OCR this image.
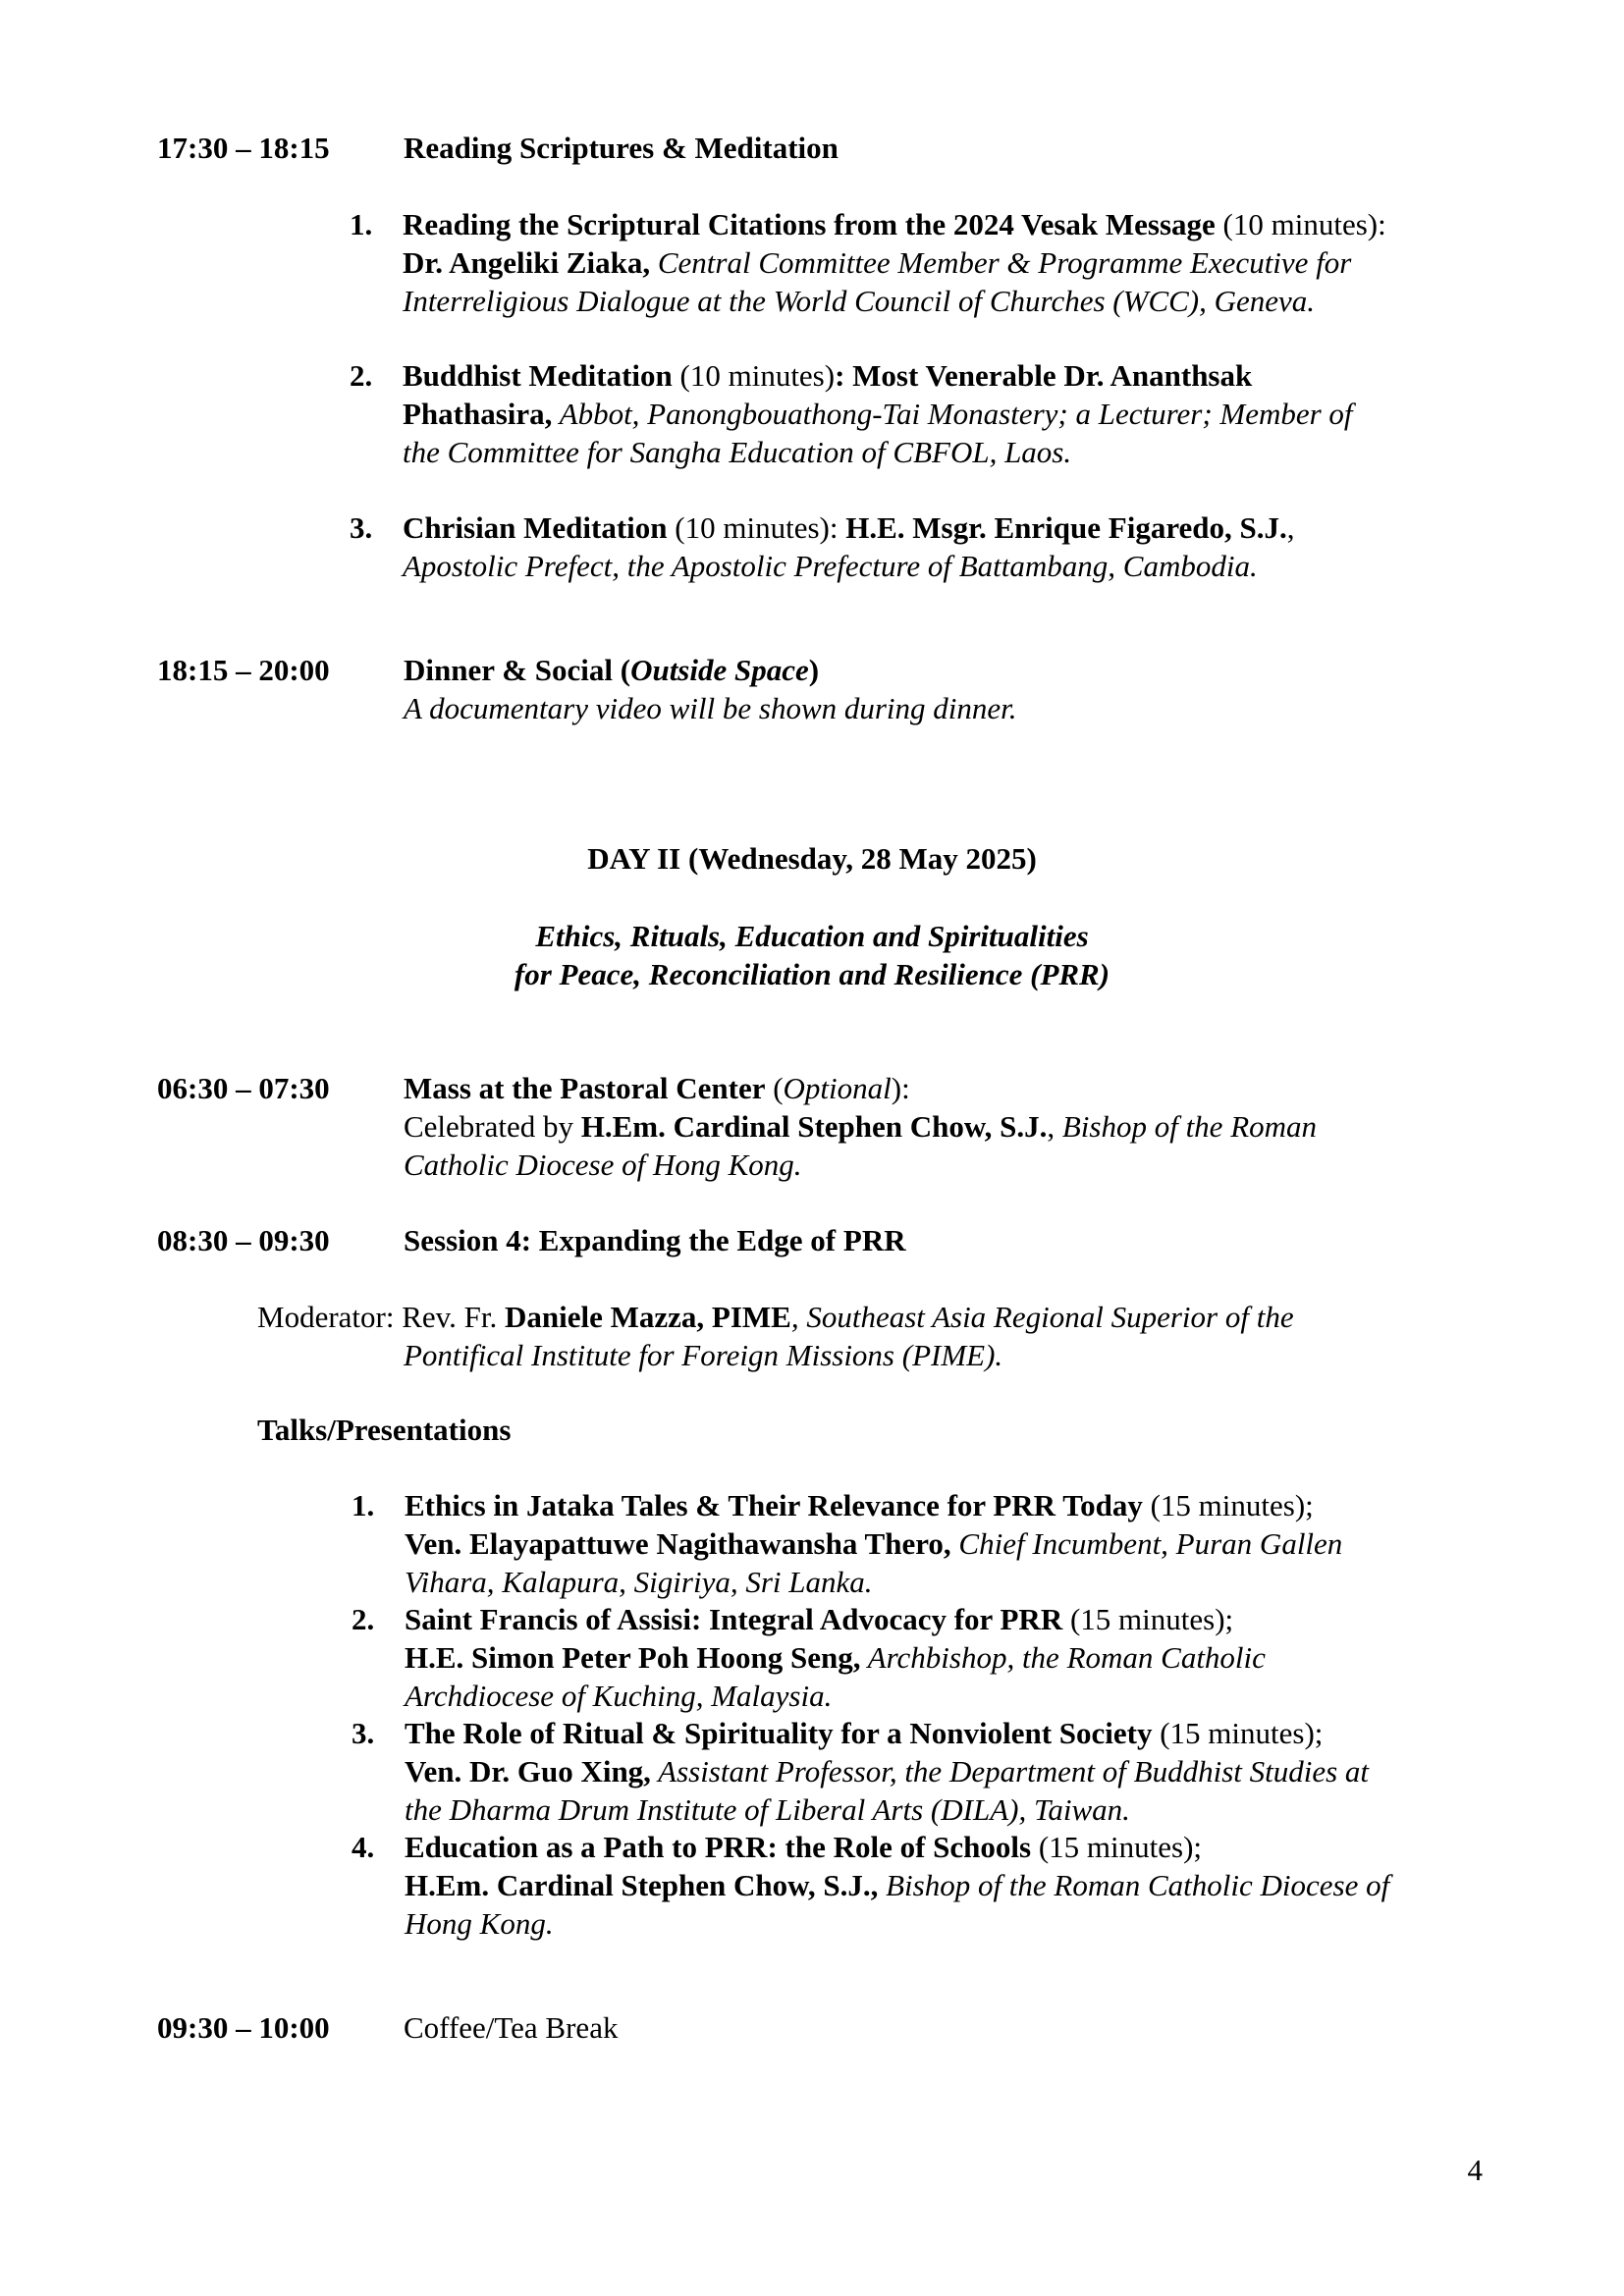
17:30 – 18:15 Reading Scriptures & Meditation
1. Reading the Scriptural Citations from the 2024 Vesak Message (10 minutes):
Dr. Angeliki Ziaka, Central Committee Member & Programme Executive for
Interreligious Dialogue at the World Council of Churches (WCC), Geneva.
2. Buddhist Meditation (10 minutes): Most Venerable Dr. Ananthsak
Phathasira, Abbot, Panongbouathong-Tai Monastery; a Lecturer; Member of
the Committee for Sangha Education of CBFOL, Laos.
3. Chrisian Meditation (10 minutes): H.E. Msgr. Enrique Figaredo, S.J.,
Apostolic Prefect, the Apostolic Prefecture of Battambang, Cambodia.
18:15 – 20:00 Dinner & Social (Outside Space)
A documentary video will be shown during dinner.
DAY II (Wednesday, 28 May 2025)
Ethics, Rituals, Education and Spiritualities
for Peace, Reconciliation and Resilience (PRR)
06:30 – 07:30 Mass at the Pastoral Center (Optional):
Celebrated by H.Em. Cardinal Stephen Chow, S.J., Bishop of the Roman
Catholic Diocese of Hong Kong.
08:30 – 09:30 Session 4: Expanding the Edge of PRR
Moderator: Rev. Fr. Daniele Mazza, PIME, Southeast Asia Regional Superior of the
Pontifical Institute for Foreign Missions (PIME).
Talks/Presentations
1. Ethics in Jataka Tales & Their Relevance for PRR Today (15 minutes);
Ven. Elayapattuwe Nagithawansha Thero, Chief Incumbent, Puran Gallen
Vihara, Kalapura, Sigiriya, Sri Lanka.
2. Saint Francis of Assisi: Integral Advocacy for PRR (15 minutes);
H.E. Simon Peter Poh Hoong Seng, Archbishop, the Roman Catholic
Archdiocese of Kuching, Malaysia.
3. The Role of Ritual & Spirituality for a Nonviolent Society (15 minutes);
Ven. Dr. Guo Xing, Assistant Professor, the Department of Buddhist Studies at
the Dharma Drum Institute of Liberal Arts (DILA), Taiwan.
4. Education as a Path to PRR: the Role of Schools (15 minutes);
H.Em. Cardinal Stephen Chow, S.J., Bishop of the Roman Catholic Diocese of
Hong Kong.
09:30 – 10:00 Coffee/Tea Break
4
